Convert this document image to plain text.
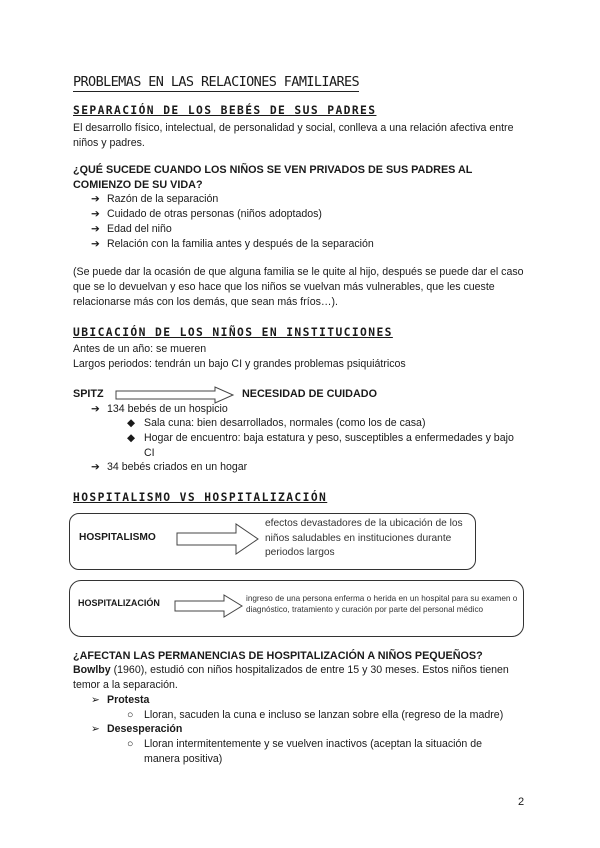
PROBLEMAS EN LAS RELACIONES FAMILIARES
SEPARACIÓN DE LOS BEBÉS DE SUS PADRES
El desarrollo físico, intelectual, de personalidad y social, conlleva a una relación afectiva entre niños y padres.
¿QUÉ SUCEDE CUANDO LOS NIÑOS SE VEN PRIVADOS DE SUS PADRES AL COMIENZO DE SU VIDA?
➔ Razón de la separación
➔ Cuidado de otras personas (niños adoptados)
➔ Edad del niño
➔ Relación con la familia antes y después de la separación
(Se puede dar la ocasión de que alguna familia se le quite al hijo, después se puede dar el caso que se lo devuelvan y eso hace que los niños se vuelvan más vulnerables, que les cueste relacionarse más con los demás, que sean más fríos…).
UBICACIÓN DE LOS NIÑOS EN INSTITUCIONES
Antes de un año: se mueren
Largos periodos: tendrán un bajo CI y grandes problemas psiquiátricos
SPITZ	NECESIDAD DE CUIDADO
➔ 134 bebés de un hospicio
◆ Sala cuna: bien desarrollados, normales (como los de casa)
◆ Hogar de encuentro: baja estatura y peso, susceptibles a enfermedades y bajo CI
➔ 34 bebés criados en un hogar
HOSPITALISMO VS HOSPITALIZACIÓN
HOSPITALISMO
efectos devastadores de la ubicación de los niños saludables en instituciones durante periodos largos
HOSPITALIZACIÓN	ingreso de una persona enferma o herida en un hospital para su examen o diagnóstico, tratamiento y curación por parte del personal médico
¿AFECTAN LAS PERMANENCIAS DE HOSPITALIZACIÓN A NIÑOS PEQUEÑOS?
Bowlby (1960), estudió con niños hospitalizados de entre 15 y 30 meses. Estos niños tienen temor a la separación.
➢ Protesta
○ Lloran, sacuden la cuna e incluso se lanzan sobre ella (regreso de la madre)
➢ Desesperación
○ Lloran intermitentemente y se vuelven inactivos (aceptan la situación de manera positiva)
2
